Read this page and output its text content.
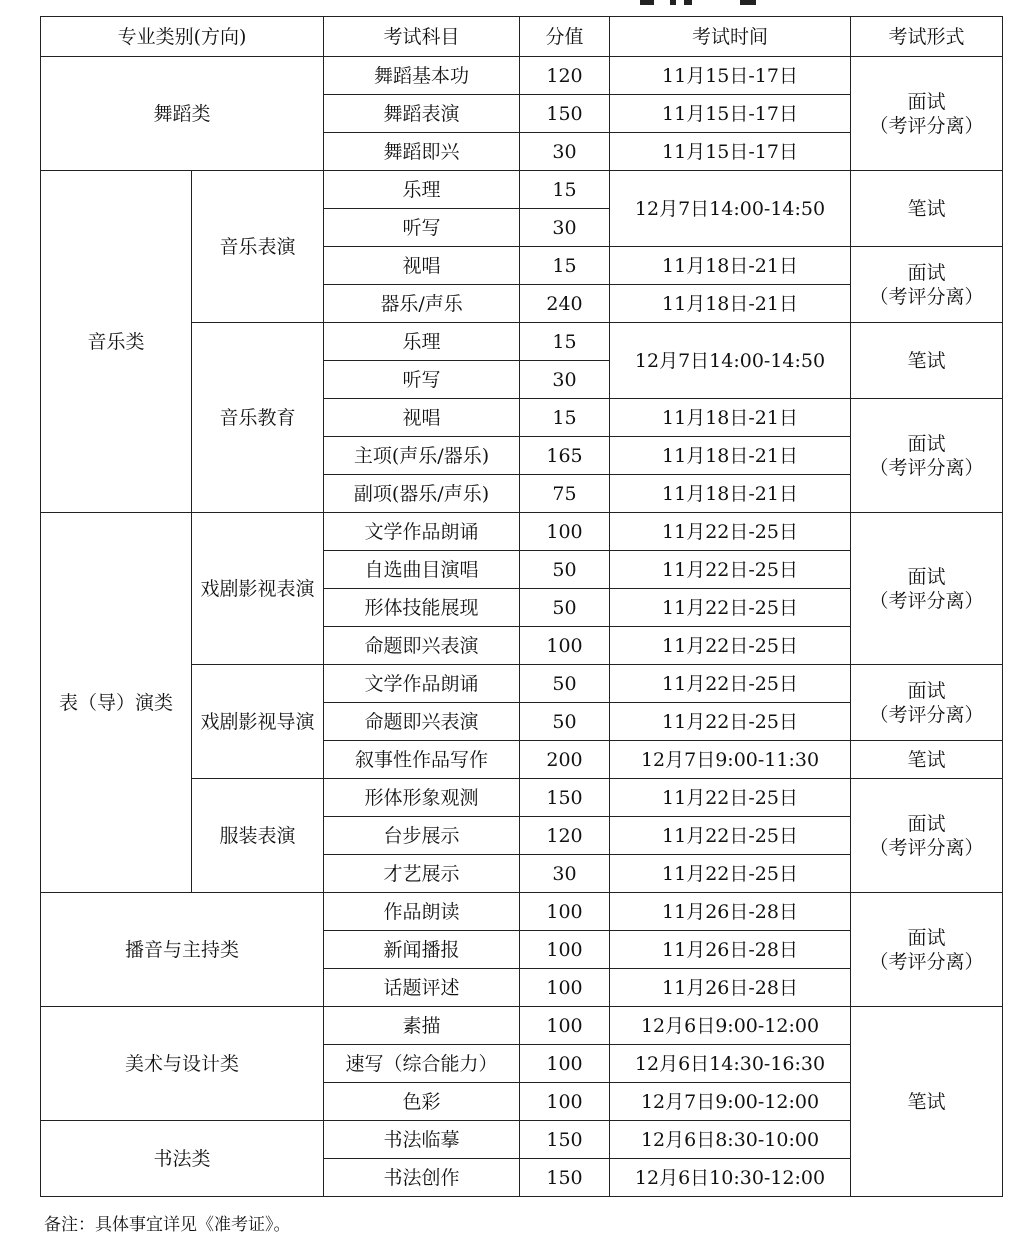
专业类别(方向)		考试科目	分值	考试时间	考试形式
舞蹈类		舞蹈基本功	120	11月15日-17日	面试
（考评分离）
		舞蹈表演	150	11月15日-17日	
		舞蹈即兴	30	11月15日-17日	
音乐类	音乐表演	乐理	15	12月7日14:00-14:50	笔试
		听写	30		
		视唱	15	11月18日-21日	面试
（考评分离）
		器乐/声乐	240	11月18日-21日	
	音乐教育	乐理	15	12月7日14:00-14:50	笔试
		听写	30		
		视唱	15	11月18日-21日	面试
（考评分离）
		主项(声乐/器乐)	165	11月18日-21日	
		副项(器乐/声乐)	75	11月18日-21日	
表（导）演类	戏剧影视表演	文学作品朗诵	100	11月22日-25日	面试
（考评分离）
		自选曲目演唱	50	11月22日-25日	
		形体技能展现	50	11月22日-25日	
		命题即兴表演	100	11月22日-25日	
	戏剧影视导演	文学作品朗诵	50	11月22日-25日	面试
（考评分离）
		命题即兴表演	50	11月22日-25日	
		叙事性作品写作	200	12月7日9:00-11:30	笔试
	服装表演	形体形象观测	150	11月22日-25日	面试
（考评分离）
		台步展示	120	11月22日-25日	
		才艺展示	30	11月22日-25日	
播音与主持类		作品朗读	100	11月26日-28日	面试
（考评分离）
		新闻播报	100	11月26日-28日	
		话题评述	100	11月26日-28日	
美术与设计类		素描	100	12月6日9:00-12:00	笔试
		速写（综合能力）	100	12月6日14:30-16:30	
		色彩	100	12月7日9:00-12:00	
书法类		书法临摹	150	12月6日8:30-10:00	
		书法创作	150	12月6日10:30-12:00	
备注：具体事宜详见《准考证》。
